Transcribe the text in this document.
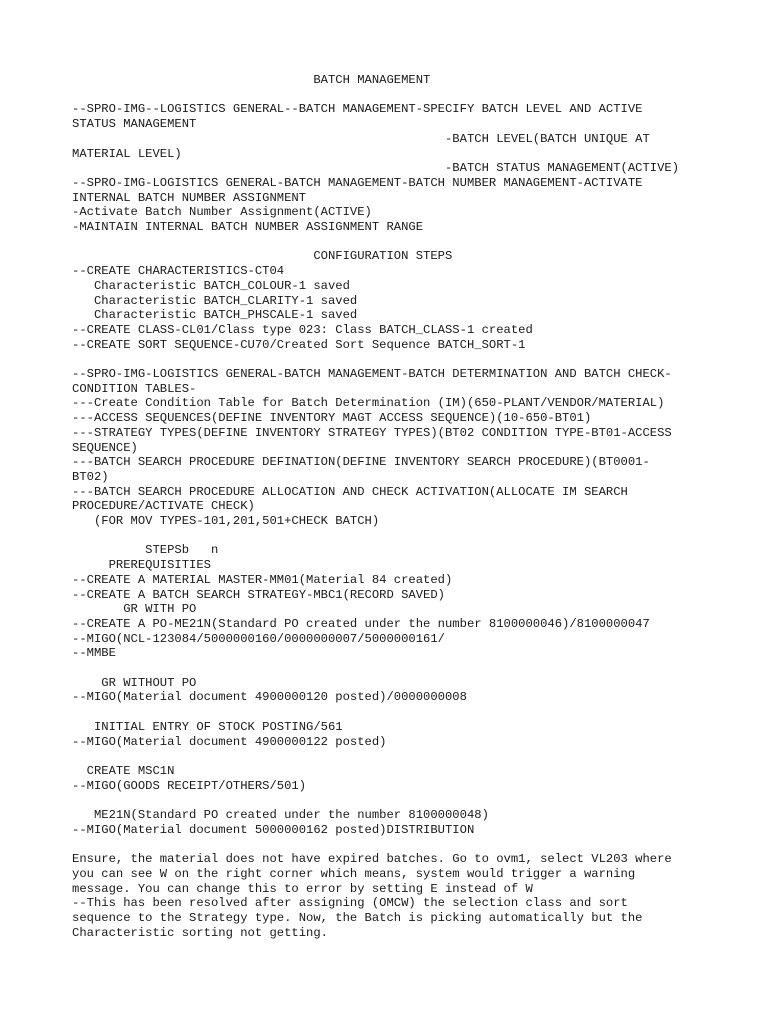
BATCH MANAGEMENT
--SPRO-IMG--LOGISTICS GENERAL--BATCH MANAGEMENT-SPECIFY BATCH LEVEL AND ACTIVE
STATUS MANAGEMENT
-BATCH LEVEL(BATCH UNIQUE AT
MATERIAL LEVEL)
-BATCH STATUS MANAGEMENT(ACTIVE)
--SPRO-IMG-LOGISTICS GENERAL-BATCH MANAGEMENT-BATCH NUMBER MANAGEMENT-ACTIVATE
INTERNAL BATCH NUMBER ASSIGNMENT
-Activate Batch Number Assignment(ACTIVE)
-MAINTAIN INTERNAL BATCH NUMBER ASSIGNMENT RANGE
CONFIGURATION STEPS
--CREATE CHARACTERISTICS-CT04
Characteristic BATCH_COLOUR-1 saved
Characteristic BATCH_CLARITY-1 saved
Characteristic BATCH_PHSCALE-1 saved
--CREATE CLASS-CL01/Class type 023: Class BATCH_CLASS-1 created
--CREATE SORT SEQUENCE-CU70/Created Sort Sequence BATCH_SORT-1
--SPRO-IMG-LOGISTICS GENERAL-BATCH MANAGEMENT-BATCH DETERMINATION AND BATCH CHECK-
CONDITION TABLES-
---Create Condition Table for Batch Determination (IM)(650-PLANT/VENDOR/MATERIAL)
---ACCESS SEQUENCES(DEFINE INVENTORY MAGT ACCESS SEQUENCE)(10-650-BT01)
---STRATEGY TYPES(DEFINE INVENTORY STRATEGY TYPES)(BT02 CONDITION TYPE-BT01-ACCESS
SEQUENCE)
---BATCH SEARCH PROCEDURE DEFINATION(DEFINE INVENTORY SEARCH PROCEDURE)(BT0001-
BT02)
---BATCH SEARCH PROCEDURE ALLOCATION AND CHECK ACTIVATION(ALLOCATE IM SEARCH
PROCEDURE/ACTIVATE CHECK)
(FOR MOV TYPES-101,201,501+CHECK BATCH)
STEPSb   n
PREREQUISITIES
--CREATE A MATERIAL MASTER-MM01(Material 84 created)
--CREATE A BATCH SEARCH STRATEGY-MBC1(RECORD SAVED)
GR WITH PO
--CREATE A PO-ME21N(Standard PO created under the number 8100000046)/8100000047
--MIGO(NCL-123084/5000000160/0000000007/5000000161/
--MMBE
GR WITHOUT PO
--MIGO(Material document 4900000120 posted)/0000000008
INITIAL ENTRY OF STOCK POSTING/561
--MIGO(Material document 4900000122 posted)
CREATE MSC1N
--MIGO(GOODS RECEIPT/OTHERS/501)
ME21N(Standard PO created under the number 8100000048)
--MIGO(Material document 5000000162 posted)DISTRIBUTION
Ensure, the material does not have expired batches. Go to ovm1, select VL203 where
you can see W on the right corner which means, system would trigger a warning
message. You can change this to error by setting E instead of W
--This has been resolved after assigning (OMCW) the selection class and sort
sequence to the Strategy type. Now, the Batch is picking automatically but the
Characteristic sorting not getting.
